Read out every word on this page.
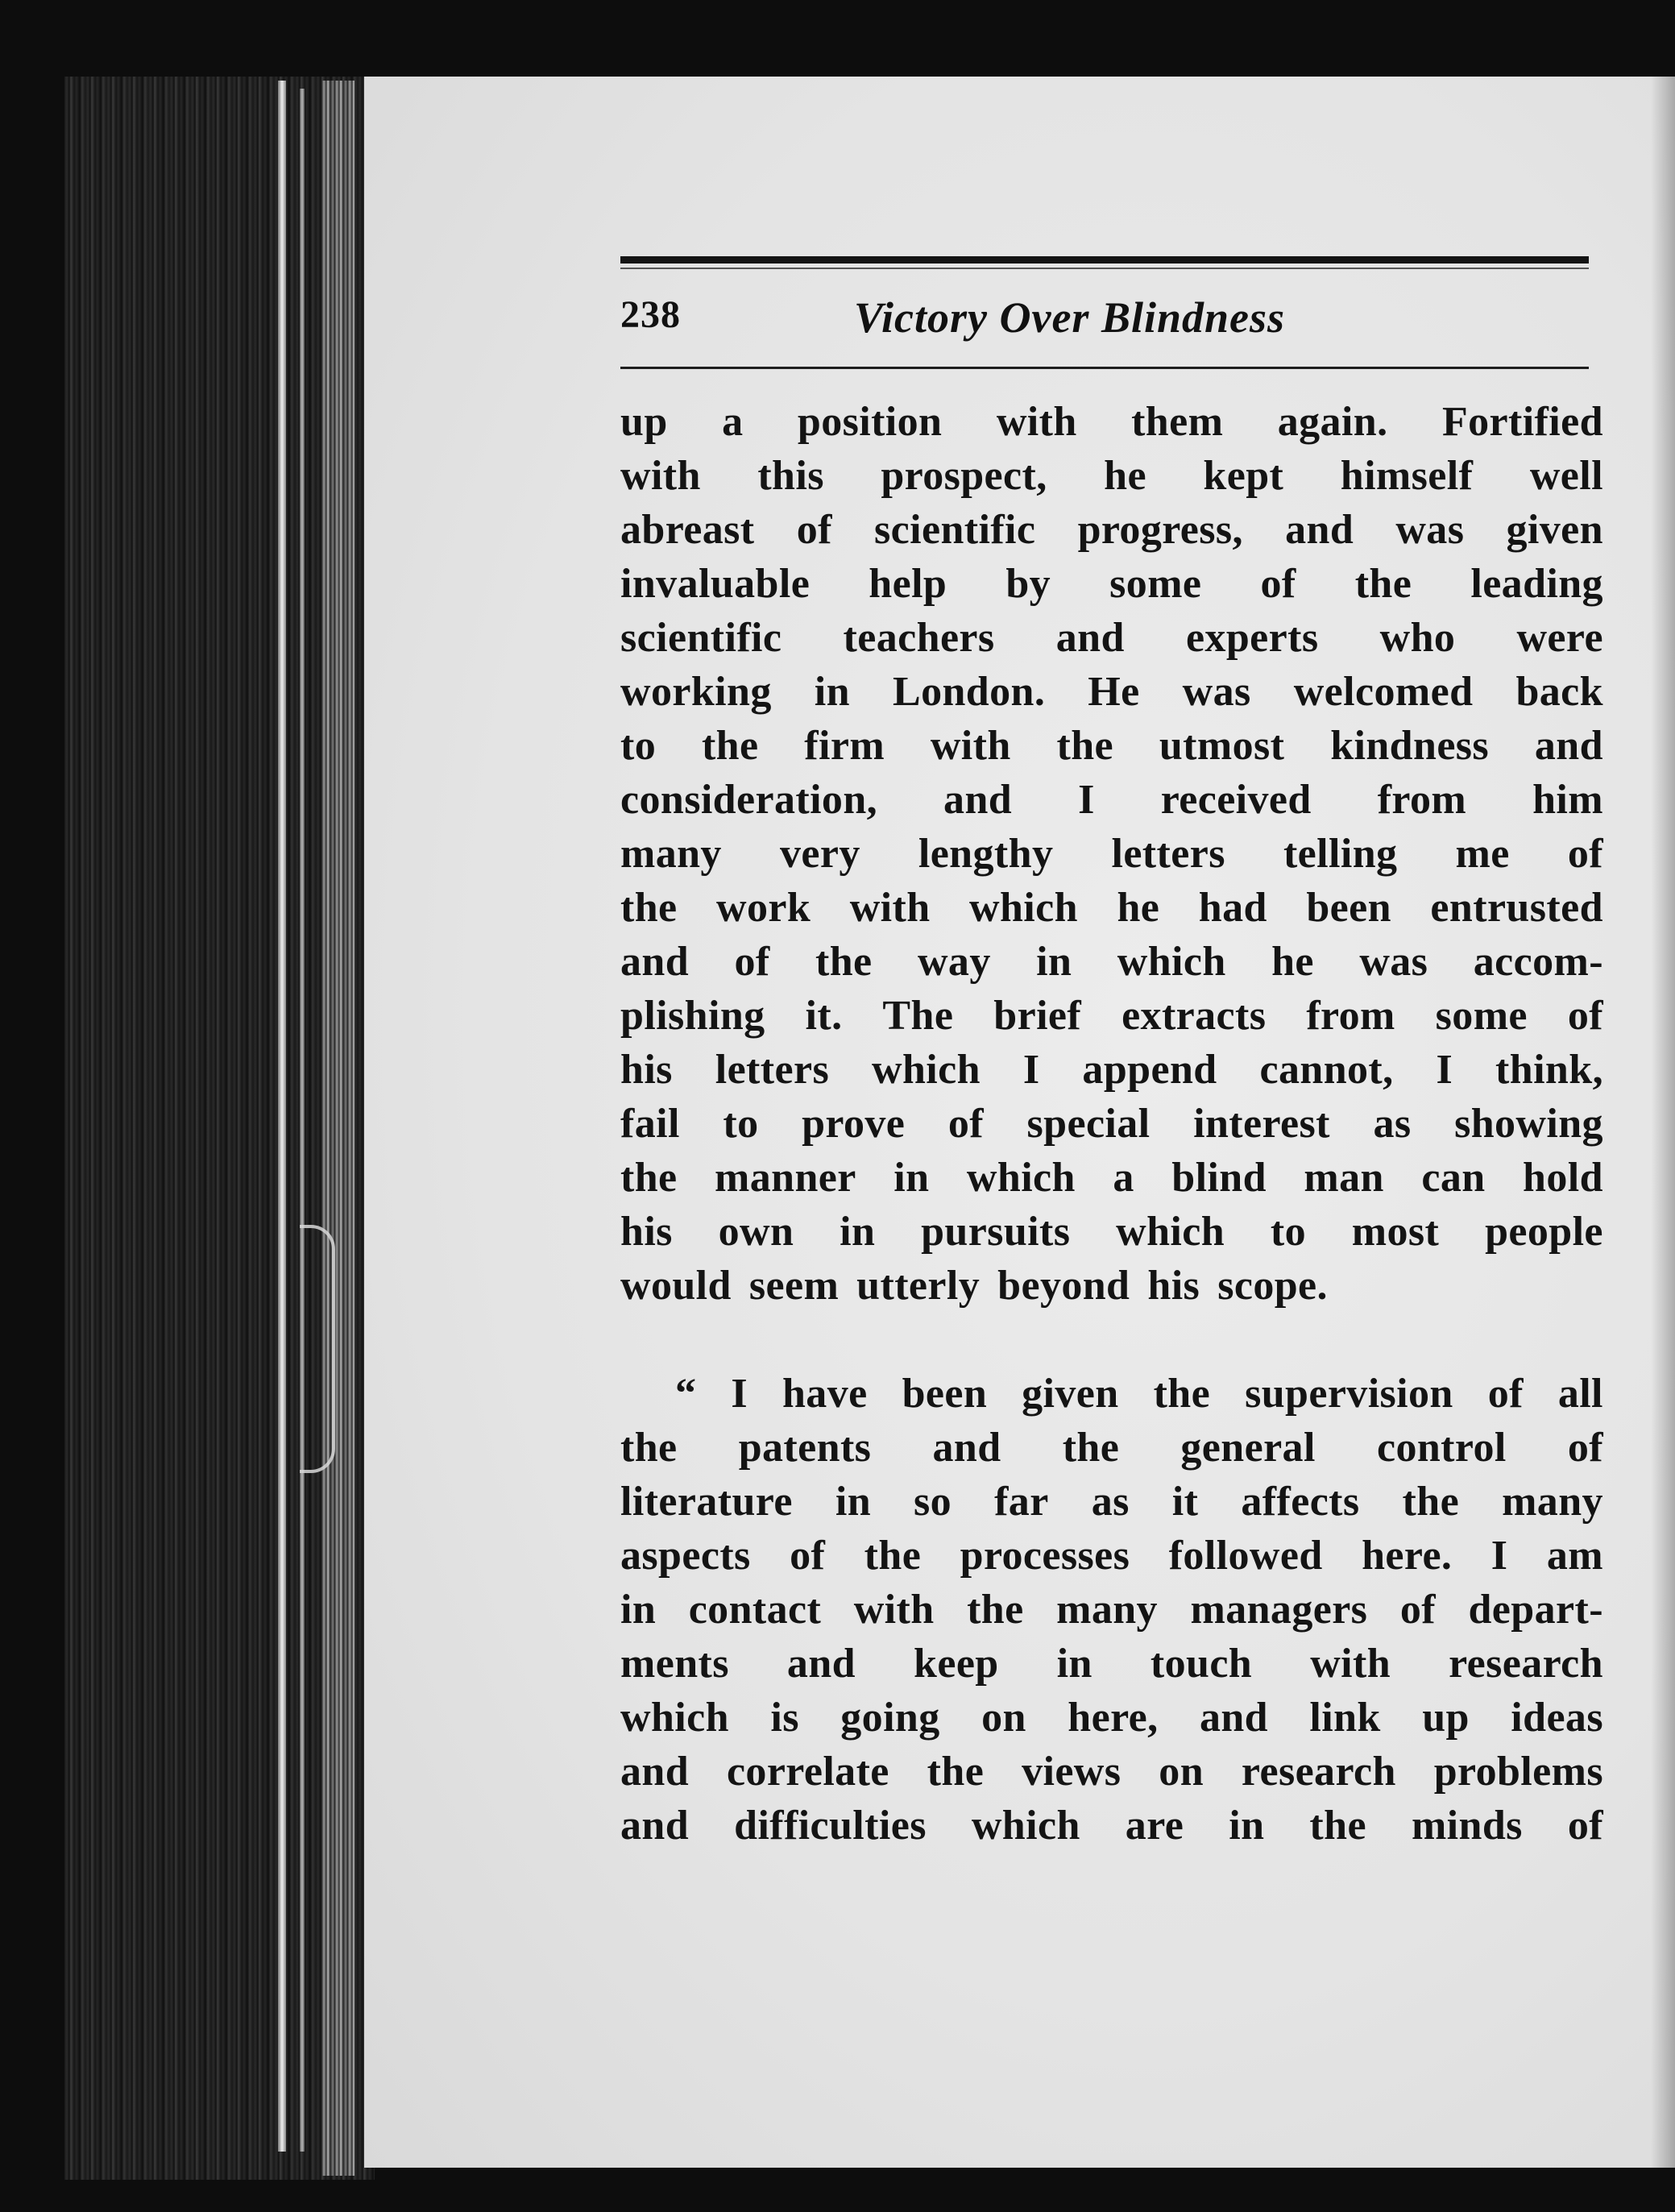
238	Victory Over Blindness
up a position with them again. Fortified
with this prospect, he kept himself well
abreast of scientific progress, and was given
invaluable help by some of the leading
scientific teachers and experts who were
working in London. He was welcomed back
to the firm with the utmost kindness and
consideration, and I received from him
many very lengthy letters telling me of
the work with which he had been entrusted
and of the way in which he was accom-
plishing it. The brief extracts from some of
his letters which I append cannot, I think,
fail to prove of special interest as showing
the manner in which a blind man can hold
his own in pursuits which to most people
would seem utterly beyond his scope.
“ I have been given the supervision of all
the patents and the general control of
literature in so far as it affects the many
aspects of the processes followed here. I am
in contact with the many managers of depart-
ments and keep in touch with research
which is going on here, and link up ideas
and correlate the views on research problems
and difficulties which are in the minds of
